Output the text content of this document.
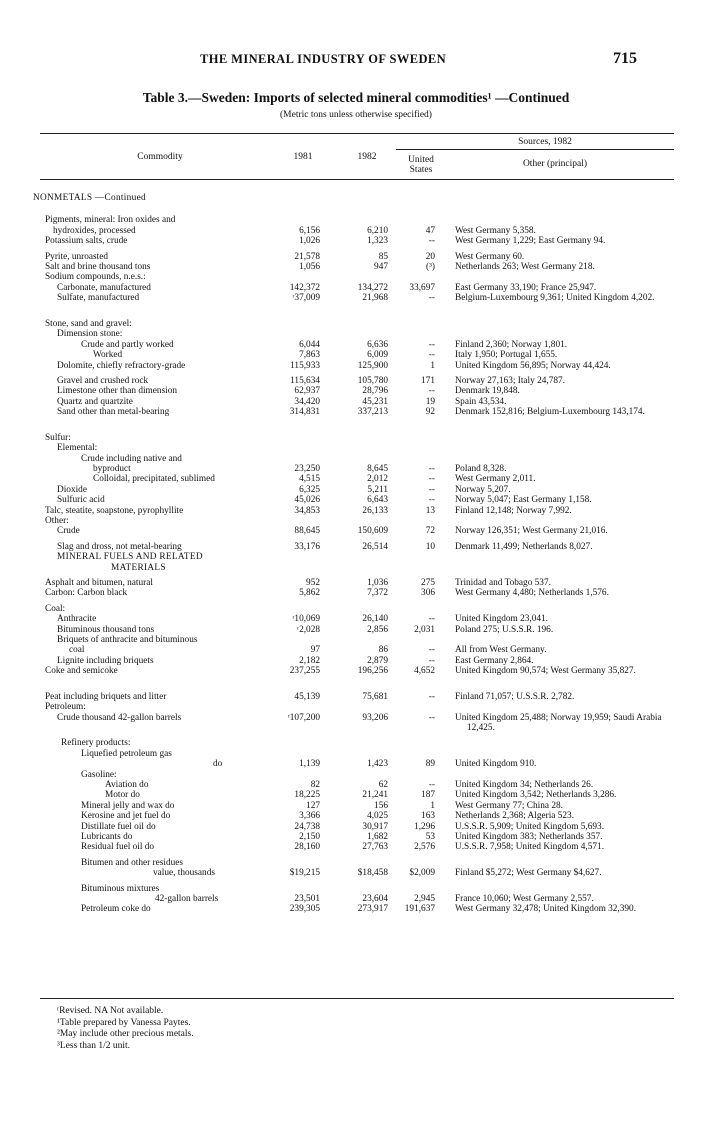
THE MINERAL INDUSTRY OF SWEDEN	715
Table 3.—Sweden: Imports of selected mineral commodities¹ —Continued
(Metric tons unless otherwise specified)
Commodity	1981	1982
Sources, 1982
United States
Other (principal)
NONMETALS —Continued
Pigments, mineral: Iron oxides and
hydroxides, processed	6,156	6,210	47 West Germany 5,358.
Potassium salts, crude	1,026	1,323	-- West Germany 1,229; East Germany 94.
Pyrite, unroasted	21,578	85	20 West Germany 60.
Salt and brine thousand tons	1,056	947	(³) Netherlands 263; West Germany 218.
Sodium compounds, n.e.s.:
Carbonate, manufactured	142,372	134,272	33,697 East Germany 33,190; France 25,947.
Sulfate, manufactured	ʳ37,009	21,968	-- Belgium-Luxembourg 9,361; United Kingdom 4,202.
Stone, sand and gravel:
Dimension stone:
Crude and partly worked	6,044	6,636	-- Finland 2,360; Norway 1,801.
Worked	7,863	6,009	-- Italy 1,950; Portugal 1,655.
Dolomite, chiefly refractory-grade	115,933	125,900	1 United Kingdom 56,895; Norway 44,424.
Gravel and crushed rock	115,634	105,780	171 Norway 27,163; Italy 24,787.
Limestone other than dimension	62,937	28,796	-- Denmark 19,848.
Quartz and quartzite	34,420	45,231	19 Spain 43,534.
Sand other than metal-bearing	314,831	337,213	92 Denmark 152,816; Belgium-Luxembourg 143,174.
Sulfur:
Elemental:
Crude including native and
byproduct	23,250	8,645	-- Poland 8,328.
Colloidal, precipitated, sublimed	4,515	2,012	-- West Germany 2,011.
Dioxide	6,325	5,211	-- Norway 5,207.
Sulfuric acid	45,026	6,643	-- Norway 5,047; East Germany 1,158.
Talc, steatite, soapstone, pyrophyllite	34,853	26,133	13 Finland 12,148; Norway 7,992.
Other:
Crude	88,645	150,609	72 Norway 126,351; West Germany 21,016.
Slag and dross, not metal-bearing	33,176	26,514	10 Denmark 11,499; Netherlands 8,027.
MINERAL FUELS AND RELATED
MATERIALS
Asphalt and bitumen, natural	952	1,036	275 Trinidad and Tobago 537.
Carbon: Carbon black	5,862	7,372	306 West Germany 4,480; Netherlands 1,576.
Coal:
Anthracite	ʳ10,069	26,140	-- United Kingdom 23,041.
Bituminous thousand tons	ʳ2,028	2,856	2,031 Poland 275; U.S.S.R. 196.
Briquets of anthracite and bituminous
coal	97	86	-- All from West Germany.
Lignite including briquets	2,182	2,879	-- East Germany 2,864.
Coke and semicoke	237,255	196,256	4,652 United Kingdom 90,574; West Germany 35,827.
Peat including briquets and litter	45,139	75,681	-- Finland 71,057; U.S.S.R. 2,782.
Petroleum:
Crude thousand 42-gallon barrels	ʳ107,200	93,206	-- United Kingdom 25,488; Norway 19,959; Saudi Arabia 12,425.
Refinery products:
Liquefied petroleum gas
do	1,139	1,423	89 United Kingdom 910.
Gasoline:
Aviation do	82	62	-- United Kingdom 34; Netherlands 26.
Motor do	18,225	21,241	187 United Kingdom 3,542; Netherlands 3,286.
Mineral jelly and wax do	127	156	1 West Germany 77; China 28.
Kerosine and jet fuel do	3,366	4,025	163 Netherlands 2,368; Algeria 523.
Distillate fuel oil do	24,738	30,917	1,296 U.S.S.R. 5,909; United Kingdom 5,693.
Lubricants do	2,150	1,682	53 United Kingdom 383; Netherlands 357.
Residual fuel oil do	28,160	27,763	2,576 U.S.S.R. 7,958; United Kingdom 4,571.
Bitumen and other residues
value, thousands	$19,215	$18,458	$2,009 Finland $5,272; West Germany $4,627.
Bituminous mixtures
42-gallon barrels	23,501	23,604	2,945 France 10,060; West Germany 2,557.
Petroleum coke do	239,305	273,917	191,637 West Germany 32,478; United Kingdom 32,390.
ʳRevised. NA Not available.
¹Table prepared by Vanessa Paytes.
²May include other precious metals.
³Less than 1/2 unit.
